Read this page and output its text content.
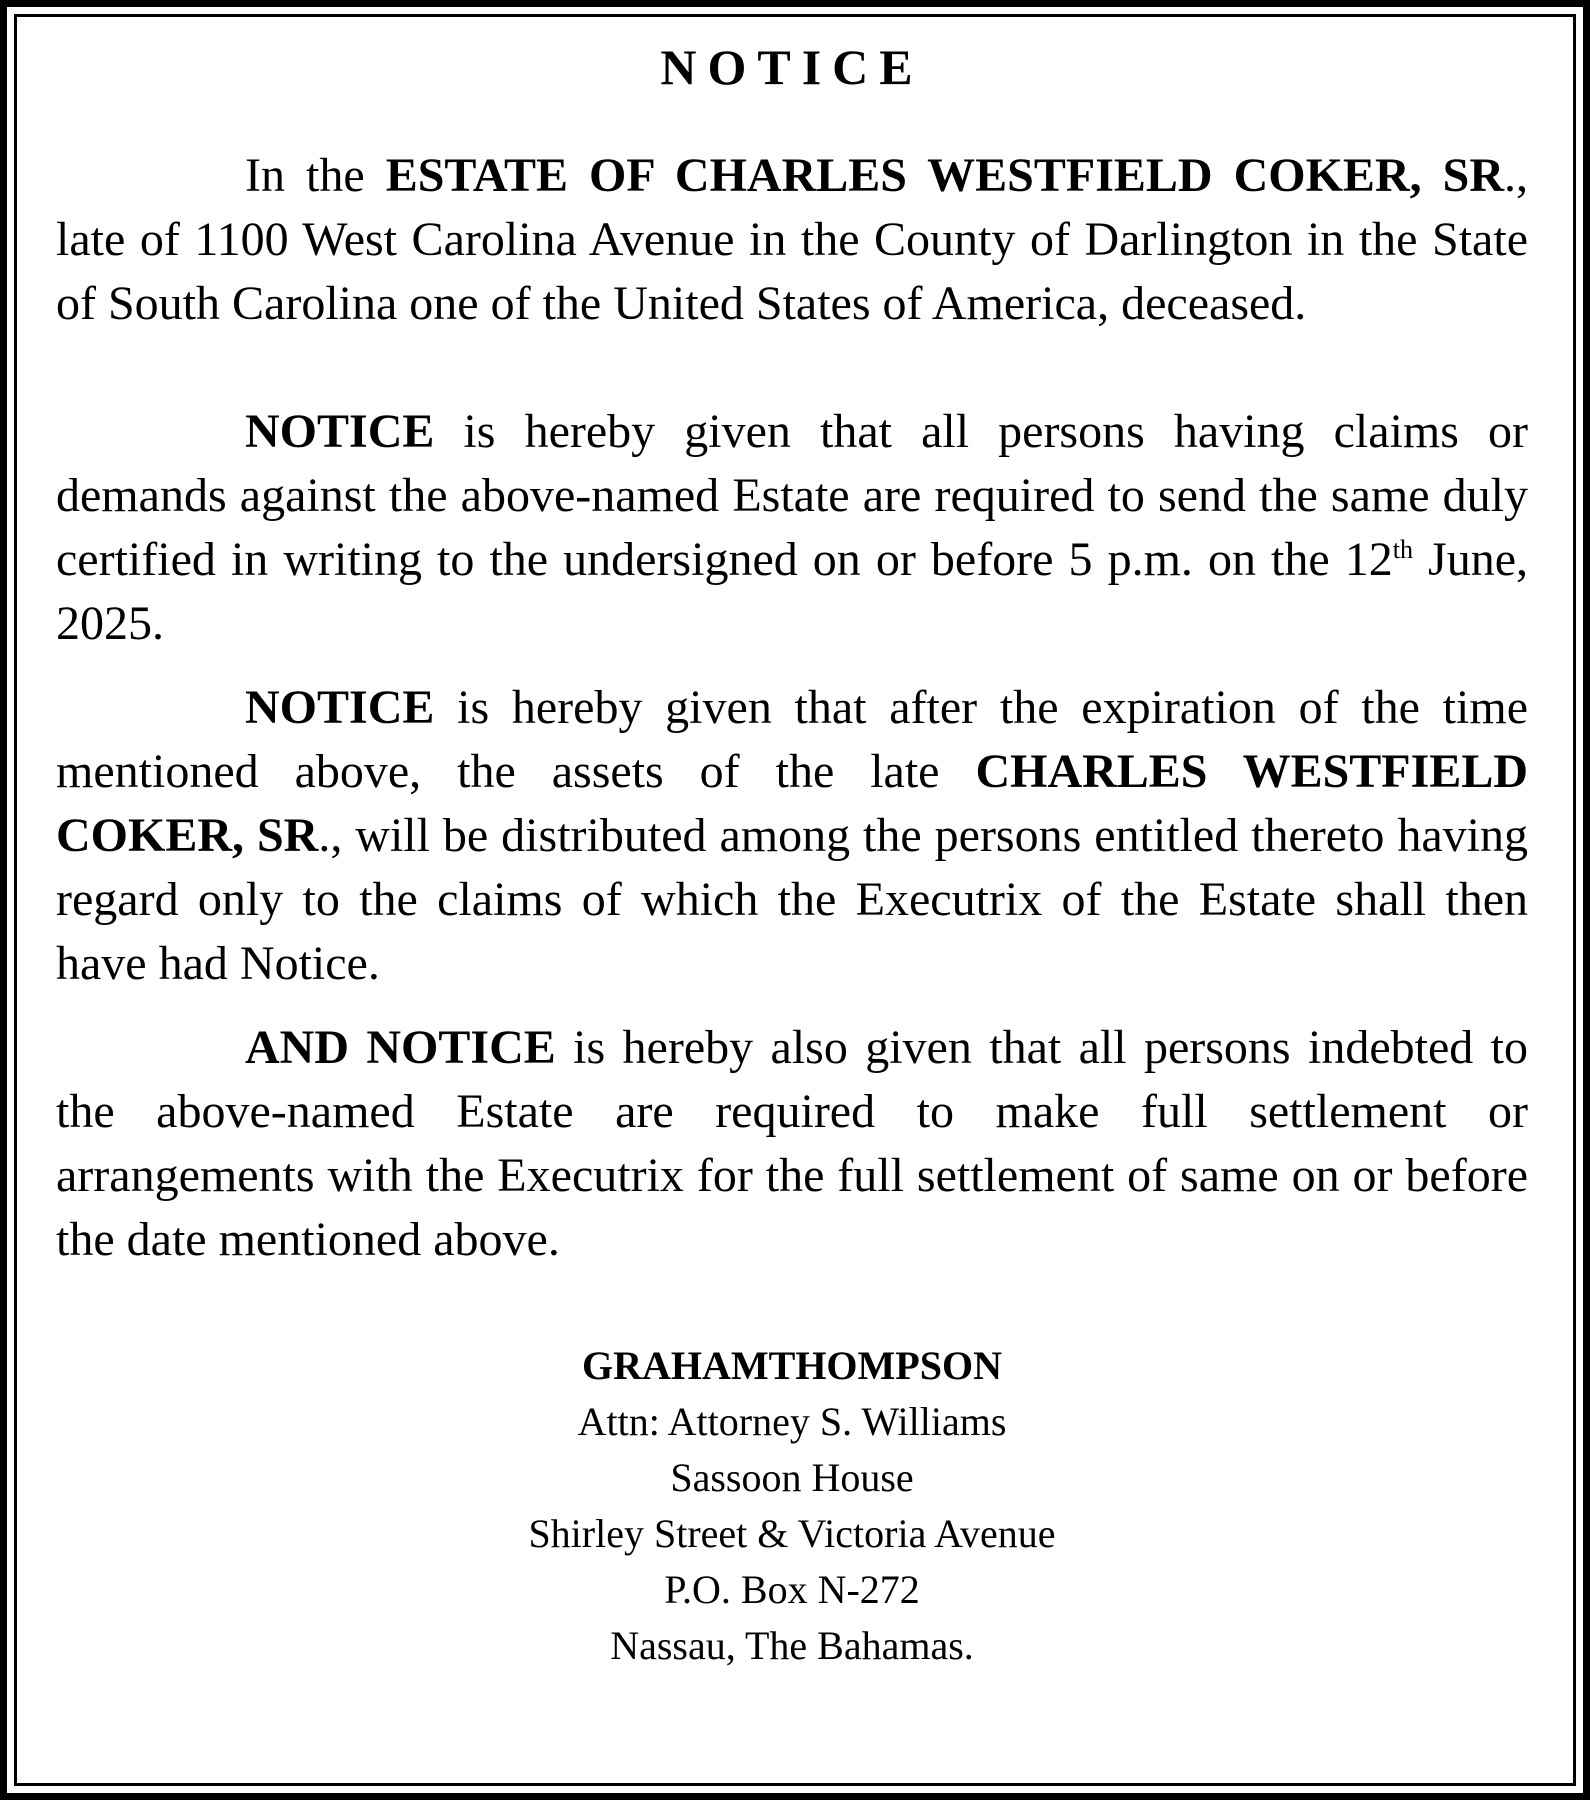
NOTICE

In the ESTATE OF CHARLES WESTFIELD COKER, SR., late of 1100 West Carolina Avenue in the County of Darlington in the State of South Carolina one of the United States of America, deceased.

NOTICE is hereby given that all persons having claims or demands against the above-named Estate are required to send the same duly certified in writing to the undersigned on or before 5 p.m. on the 12th June, 2025.

NOTICE is hereby given that after the expiration of the time mentioned above, the assets of the late CHARLES WESTFIELD COKER, SR., will be distributed among the persons entitled thereto having regard only to the claims of which the Executrix of the Estate shall then have had Notice.

AND NOTICE is hereby also given that all persons indebted to the above-named Estate are required to make full settlement or arrangements with the Executrix for the full settlement of same on or before the date mentioned above.

GRAHAMTHOMPSON
Attn: Attorney S. Williams
Sassoon House
Shirley Street & Victoria Avenue
P.O. Box N-272
Nassau, The Bahamas.
